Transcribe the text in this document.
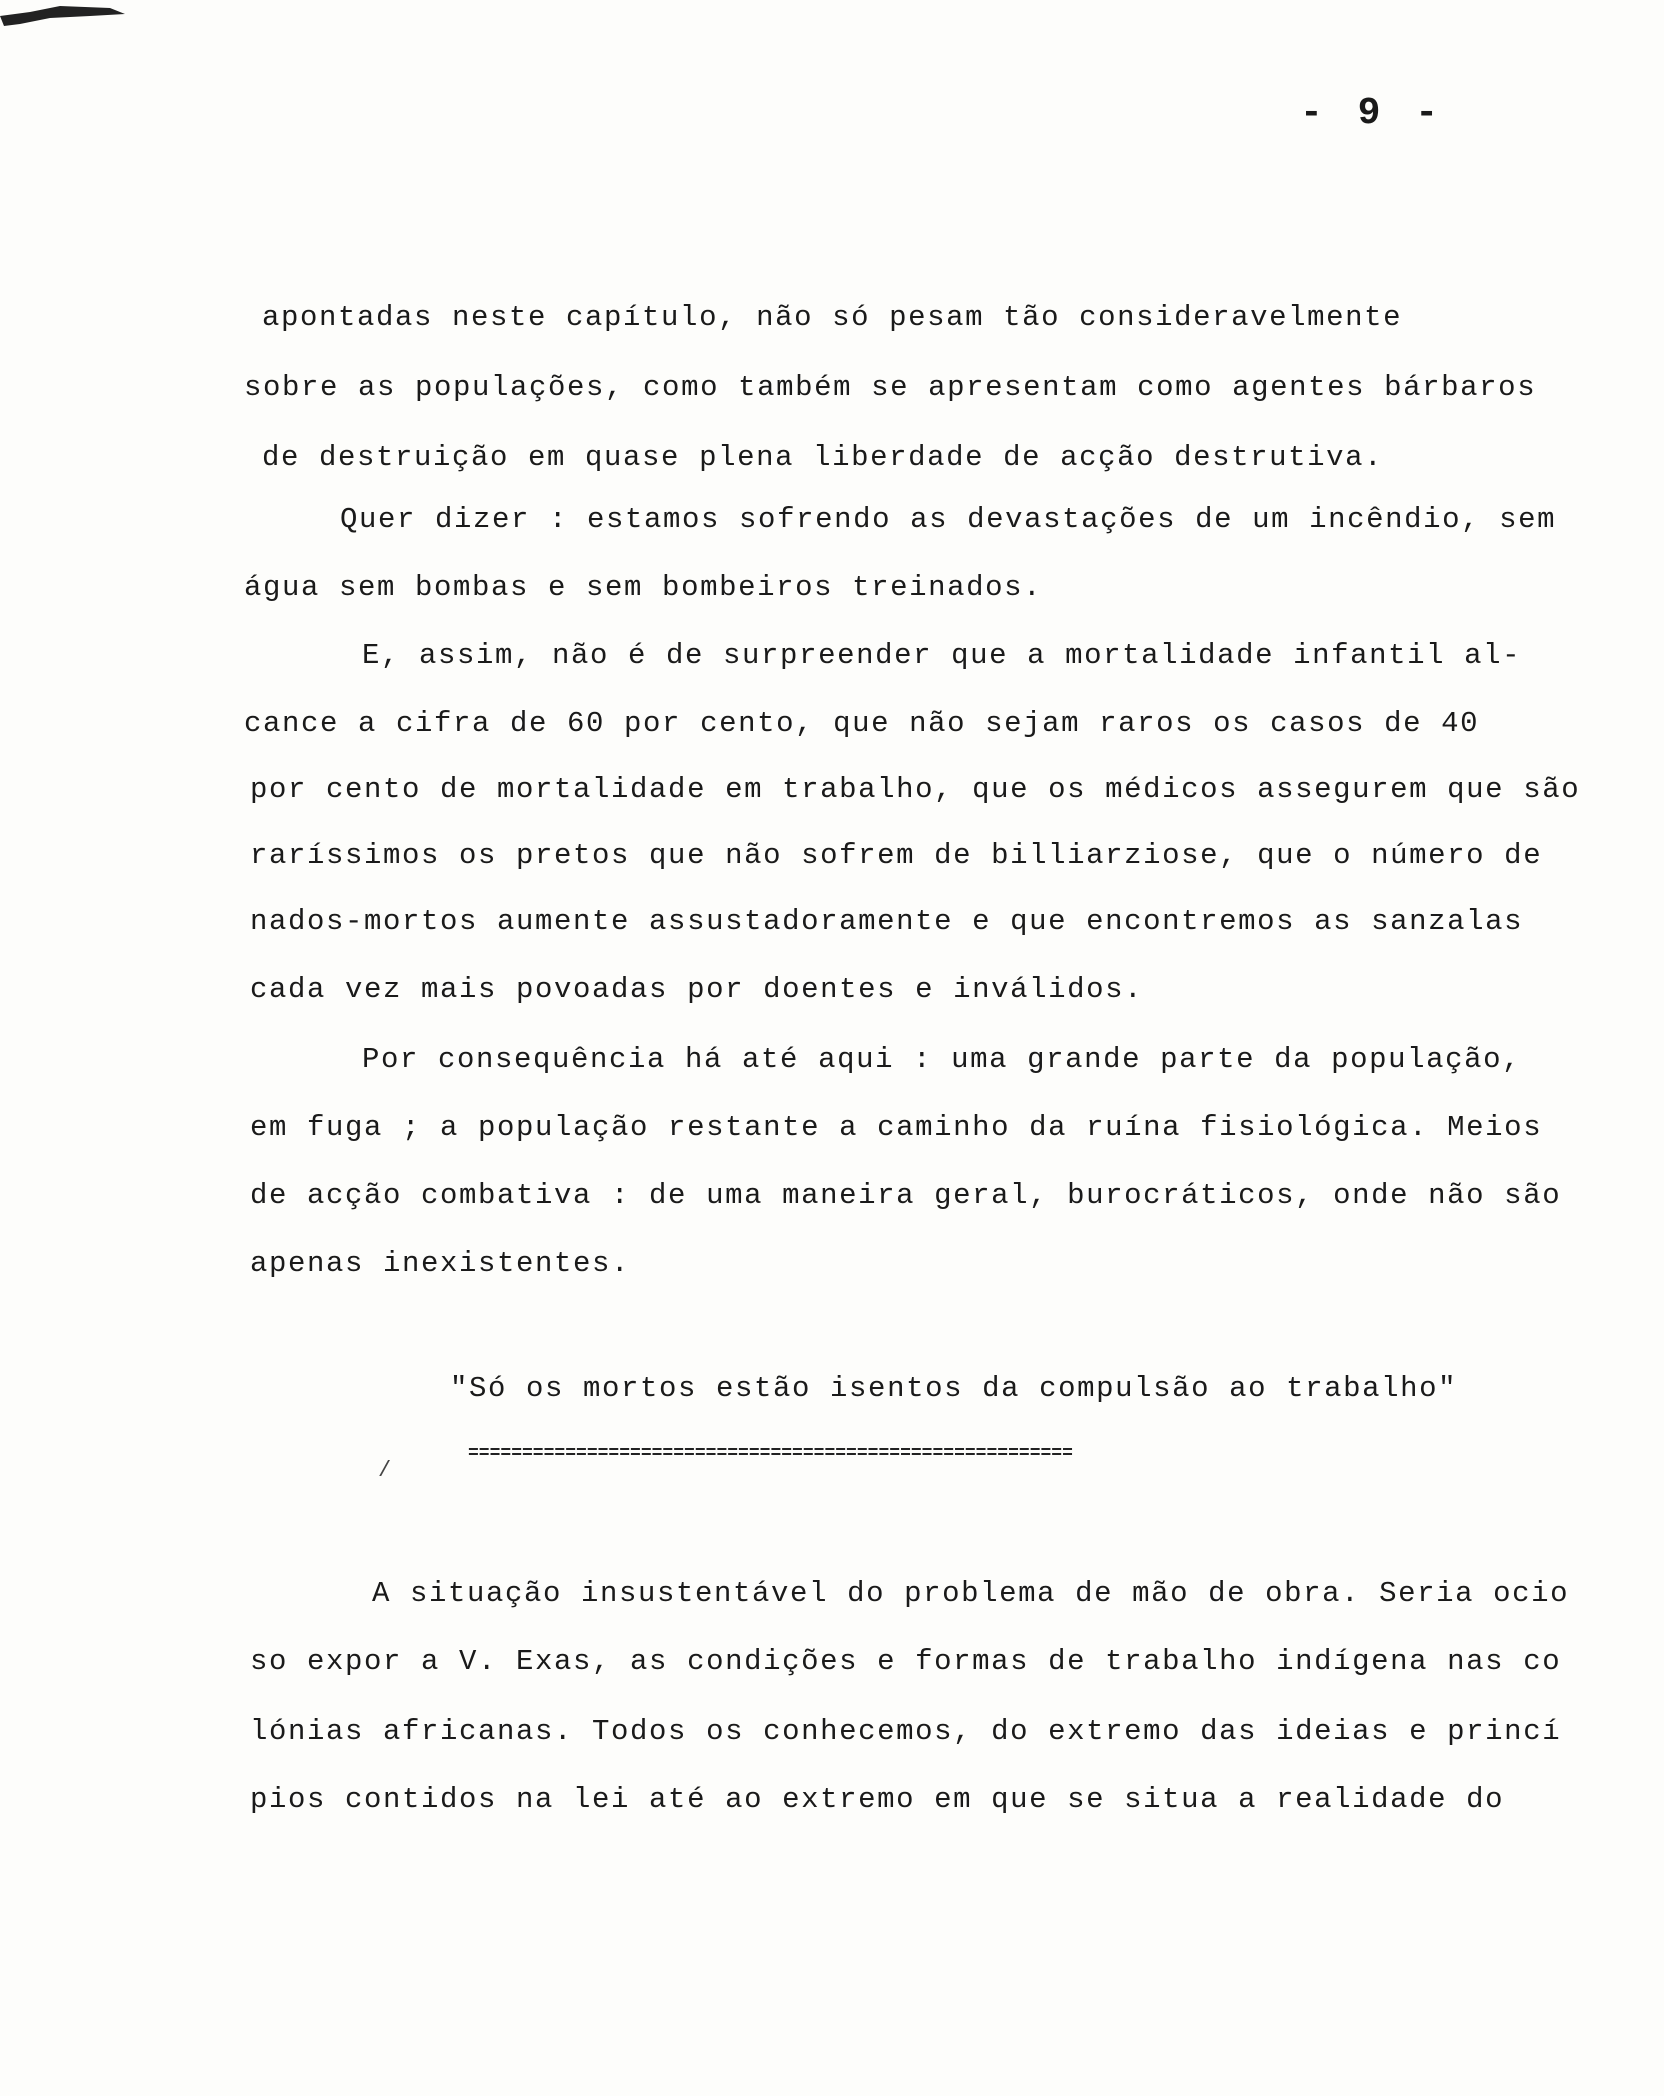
- 9 -
apontadas neste capítulo, não só pesam tão consideravelmente
sobre as populações, como também se apresentam como agentes bárbaros
de destruição em quase plena liberdade de acção destrutiva.
Quer dizer : estamos sofrendo as devastações de um incêndio, sem
água sem bombas e sem bombeiros treinados.
E, assim, não é de surpreender que a mortalidade infantil al-
cance a cifra de 60 por cento, que não sejam raros os casos de 40
por cento de mortalidade em trabalho, que os médicos assegurem que são
raríssimos os pretos que não sofrem de billiarziose, que o número de
nados-mortos aumente assustadoramente e que encontremos as sanzalas
cada vez mais povoadas por doentes e inválidos.
Por consequência há até aqui : uma grande parte da população,
em fuga ; a população restante a caminho da ruína fisiológica. Meios
de acção combativa : de uma maneira geral, burocráticos, onde não são
apenas inexistentes.
"Só os mortos estão isentos da compulsão ao trabalho"
========================================================
/
A situação insustentável do problema de mão de obra. Seria ocio
so expor a V. Exas, as condições e formas de trabalho indígena nas co
lónias africanas. Todos os conhecemos, do extremo das ideias e princí
pios contidos na lei até ao extremo em que se situa a realidade do
